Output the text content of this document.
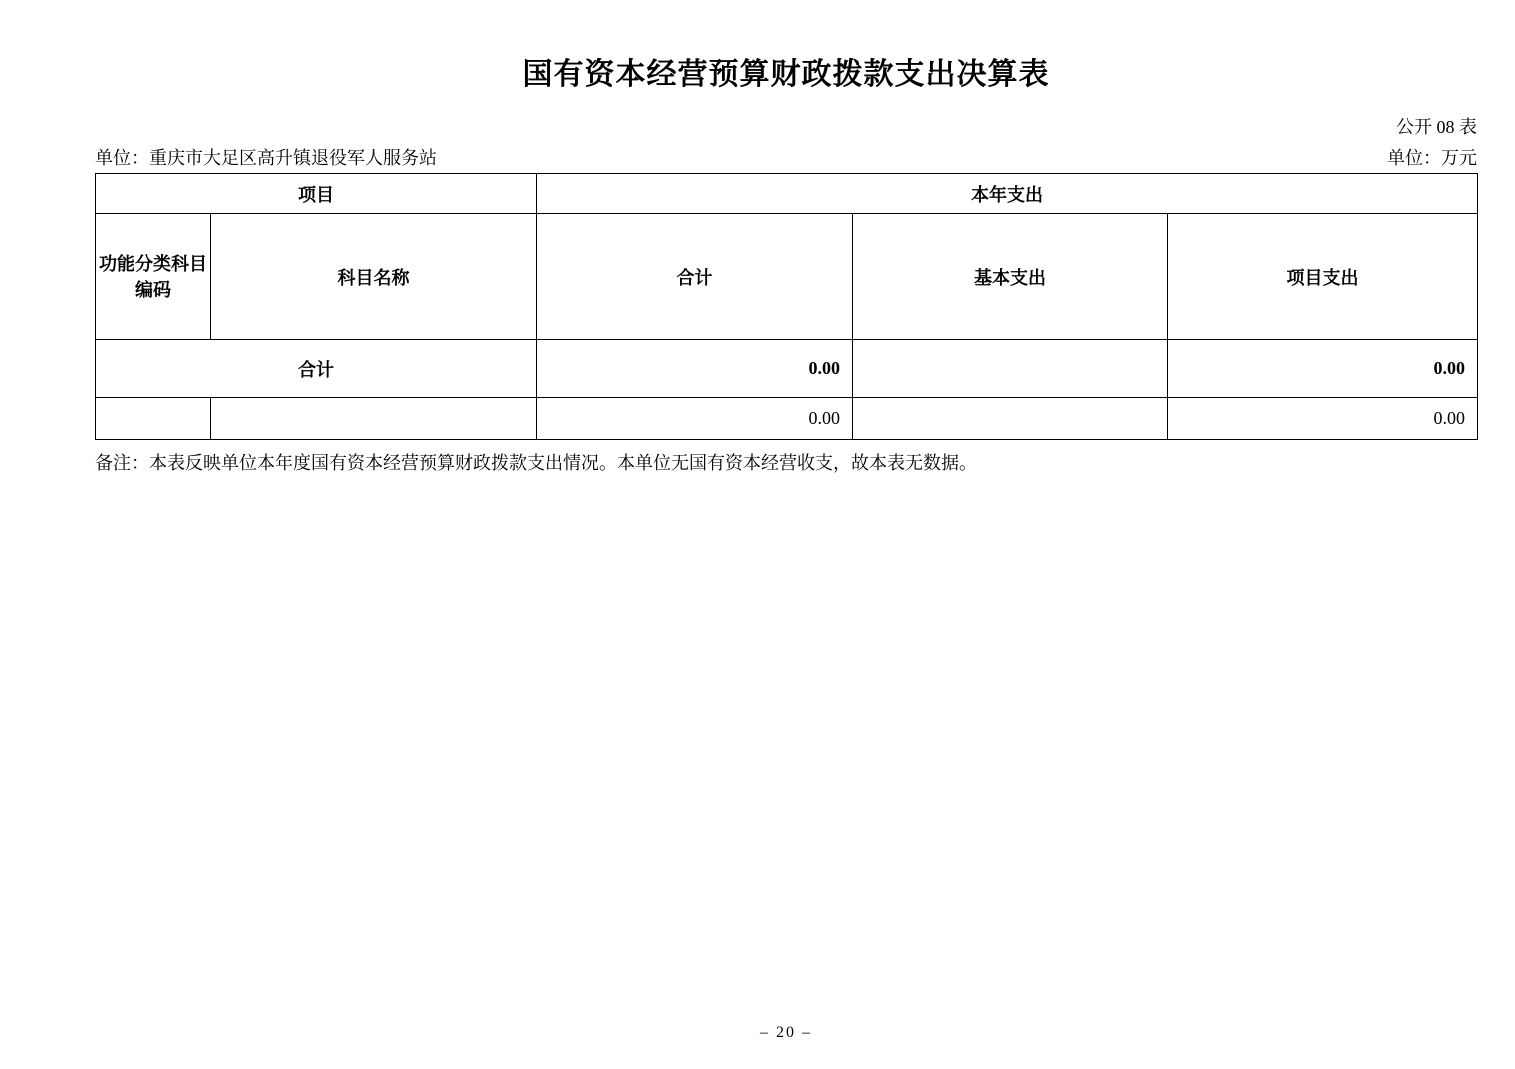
国有资本经营预算财政拨款支出决算表
公开 08 表
单位：重庆市大足区高升镇退役军人服务站	单位：万元
项目		本年支出		

功能分类科目
编码	科目名称	合计	基本支出	项目支出
合计		0.00		0.00
		0.00		0.00
备注：本表反映单位本年度国有资本经营预算财政拨款支出情况。本单位无国有资本经营收支，故本表无数据。
– 20 –
